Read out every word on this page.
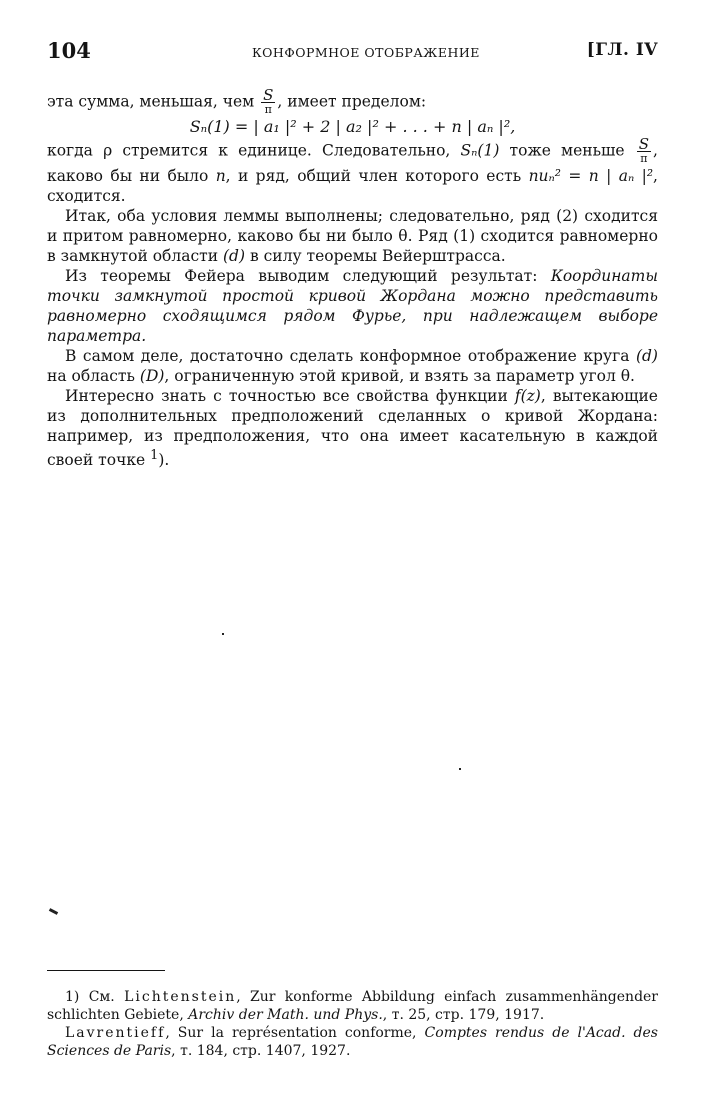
104	КОНФОРМНОЕ ОТОБРАЖЕНИЕ	[ГЛ. IV

эта сумма, меньшая, чем $\frac{S}{\pi}$ , имеет пределом:

Sₙ(1) = | a₁ |² + 2 | a₂ |² + . . . + n | aₙ |²,

когда ρ стремится к единице. Следовательно, Sₙ(1) тоже меньше $\frac{S}{\pi}$ , каково бы ни было n, и ряд, общий член которого есть nuₙ² = n | aₙ |², сходится.

Итак, оба условия леммы выполнены; следовательно, ряд (2) сходится и притом равномерно, каково бы ни было θ. Ряд (1) сходится равномерно в замкнутой области (d) в силу теоремы Вейерштрасса.

Из теоремы Фейера выводим следующий результат: Координаты точки замкнутой простой кривой Жордана можно представить равномерно сходящимся рядом Фурье, при надлежащем выборе параметра.

В самом деле, достаточно сделать конформное отображение круга (d) на область (D), ограниченную этой кривой, и взять за параметр угол θ.

Интересно знать с точностью все свойства функции f(z), вытекающие из дополнительных предположений сделанных о кривой Жордана: например, из предположения, что она имеет касательную в каждой своей точке $^1$).

1) См. Lichtenstein, Zur konforme Abbildung einfach zusammenhängender schlichten Gebiete, Archiv der Math. und Phys., т. 25, стр. 179, 1917.

Lavrentieff, Sur la représentation conforme, Comptes rendus de l'Acad. des Sciences de Paris, т. 184, стр. 1407, 1927.
